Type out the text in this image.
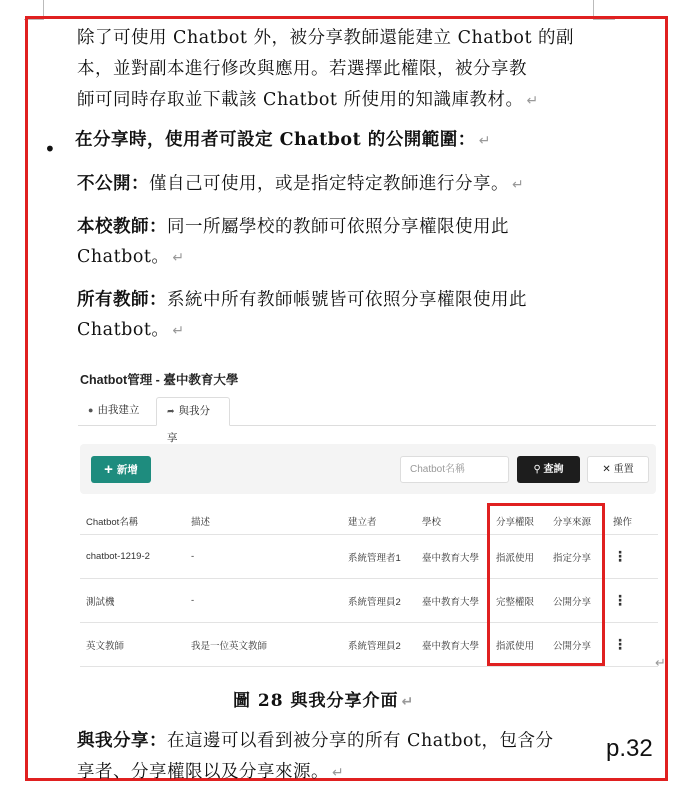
除了可使用 Chatbot 外，被分享教師還能建立 Chatbot 的副
本，並對副本進行修改與應用。若選擇此權限，被分享教
師可同時存取並下載該 Chatbot 所使用的知識庫教材。 ↵
• 在分享時，使用者可設定 Chatbot 的公開範圍： ↵
不公開：僅自己可使用，或是指定特定教師進行分享。 ↵
本校教師：同一所屬學校的教師可依照分享權限使用此
Chatbot。 ↵
所有教師：系統中所有教師帳號皆可依照分享權限使用此
Chatbot。 ↵
Chatbot管理 - 臺中教育大學
● 由我建立	➦ 與我分享
+ 新增	Chatbot名稱	⚲ 查詢	✕ 重置
Chatbot名稱	描述	建立者	學校	分享權限	分享來源	操作
chatbot-1219-2	-	系統管理者1	臺中教育大學	指派使用	指定分享	⋮
測試機	-	系統管理員2	臺中教育大學	完整權限	公開分享	⋮
英文教師	我是一位英文教師	系統管理員2	臺中教育大學	指派使用	公開分享	⋮
↵
圖 28 與我分享介面 ↵
與我分享：在這邊可以看到被分享的所有 Chatbot，包含分
享者、分享權限以及分享來源。 ↵
p.32
